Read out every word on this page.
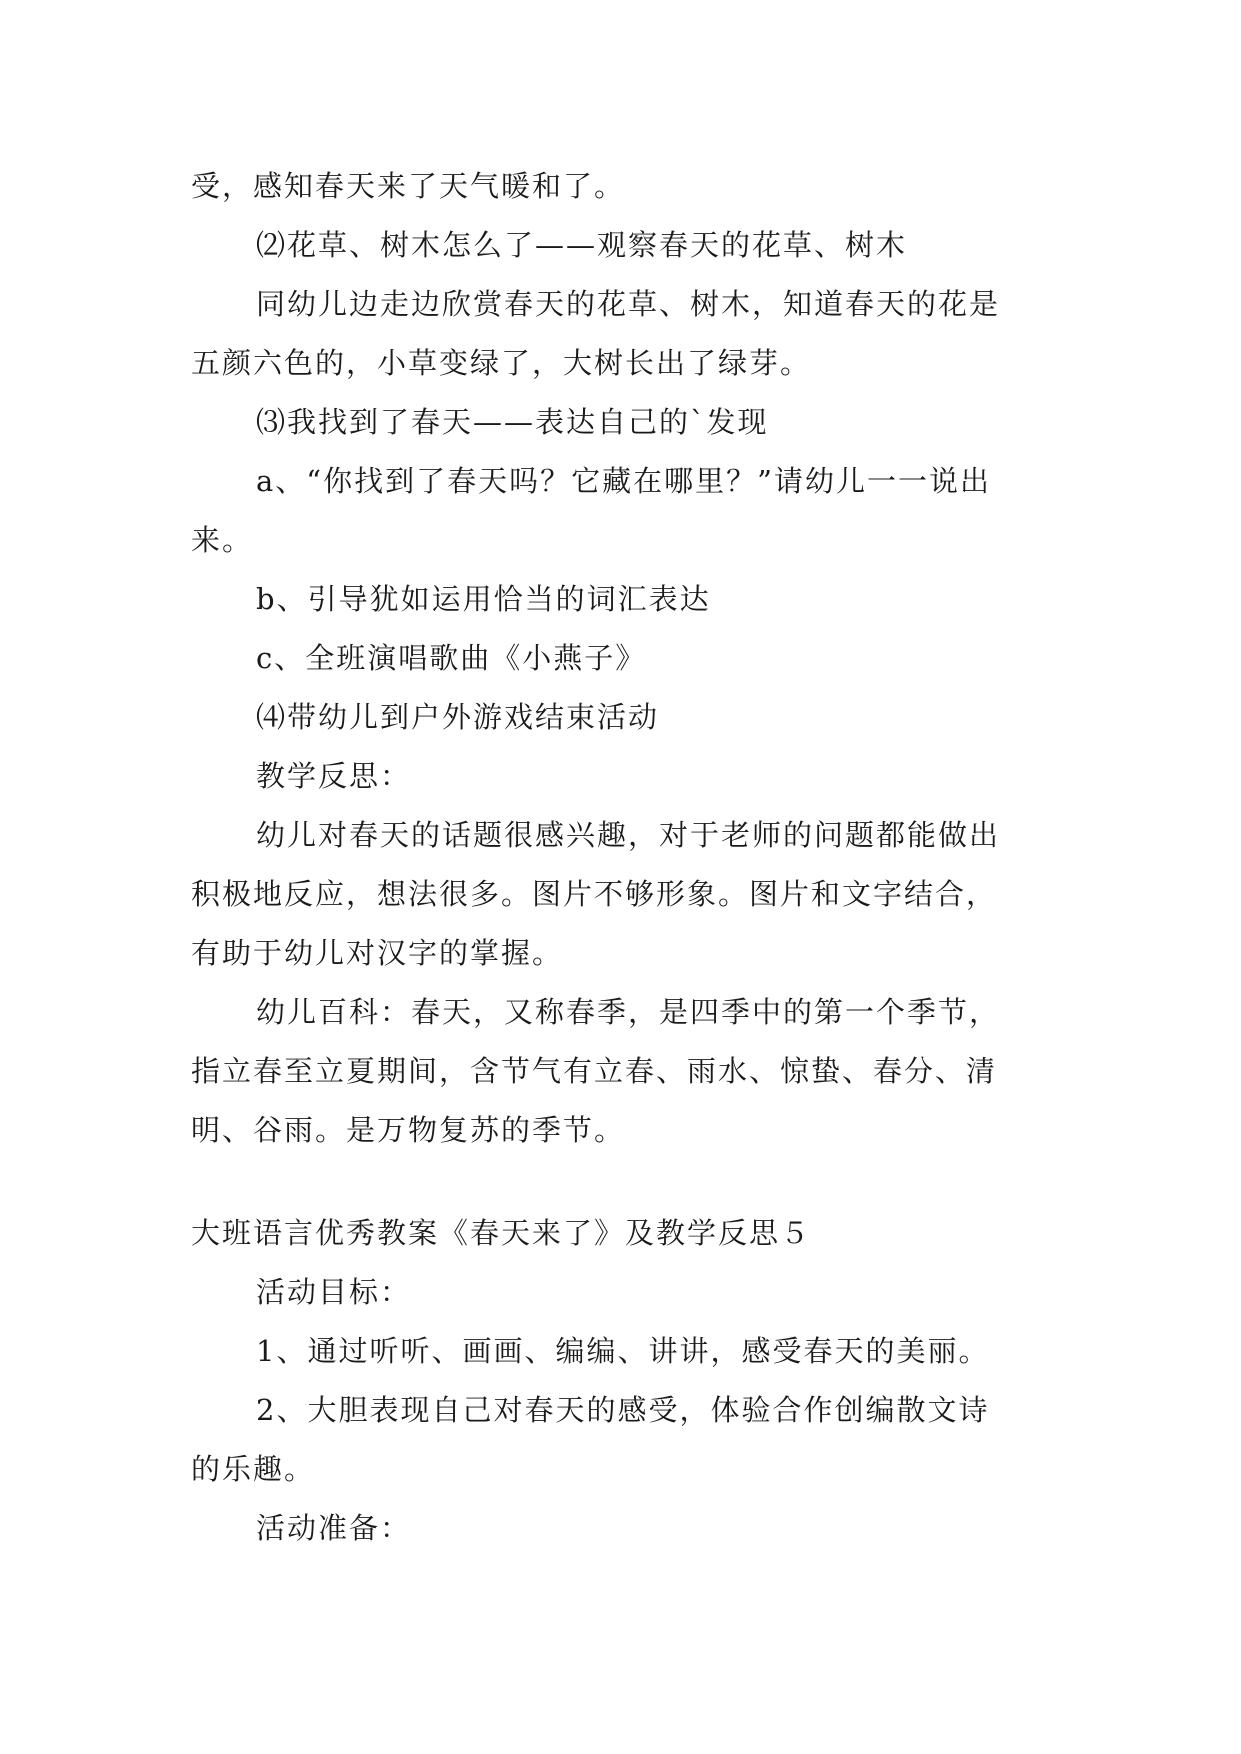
受，感知春天来了天气暖和了。
⑵花草、树木怎么了——观察春天的花草、树木
同幼儿边走边欣赏春天的花草、树木，知道春天的花是
五颜六色的，小草变绿了，大树长出了绿芽。
⑶我找到了春天——表达自己的`发现
a、“你找到了春天吗？它藏在哪里？”请幼儿一一说出
来。
b、引导犹如运用恰当的词汇表达
c、全班演唱歌曲《小燕子》
⑷带幼儿到户外游戏结束活动
教学反思：
幼儿对春天的话题很感兴趣，对于老师的问题都能做出
积极地反应，想法很多。图片不够形象。图片和文字结合，
有助于幼儿对汉字的掌握。
幼儿百科：春天，又称春季，是四季中的第一个季节，
指立春至立夏期间，含节气有立春、雨水、惊蛰、春分、清
明、谷雨。是万物复苏的季节。
大班语言优秀教案《春天来了》及教学反思５
活动目标：
1、通过听听、画画、编编、讲讲，感受春天的美丽。
2、大胆表现自己对春天的感受，体验合作创编散文诗
的乐趣。
活动准备：
